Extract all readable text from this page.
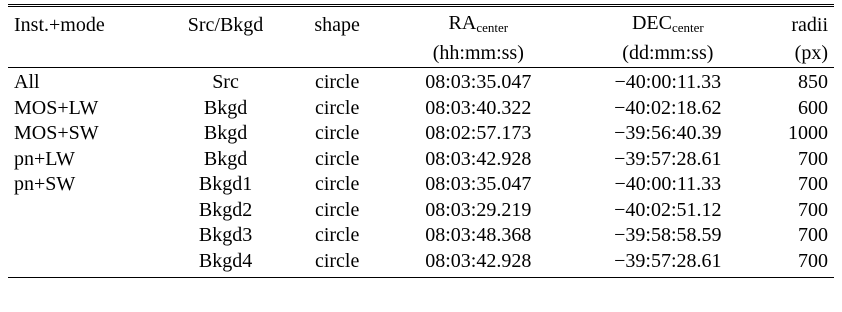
Inst.+mode	Src/Bkgd	shape	$RA_{center}$	$DEC_{center}$	radii
			(hh:mm:ss)	(dd:mm:ss)	(px)
All	Src	circle	08:03:35.047	−40:00:11.33	850
MOS+LW	Bkgd	circle	08:03:40.322	−40:02:18.62	600
MOS+SW	Bkgd	circle	08:02:57.173	−39:56:40.39	1000
pn+LW	Bkgd	circle	08:03:42.928	−39:57:28.61	700
pn+SW	Bkgd1	circle	08:03:35.047	−40:00:11.33	700
	Bkgd2	circle	08:03:29.219	−40:02:51.12	700
	Bkgd3	circle	08:03:48.368	−39:58:58.59	700
	Bkgd4	circle	08:03:42.928	−39:57:28.61	700
